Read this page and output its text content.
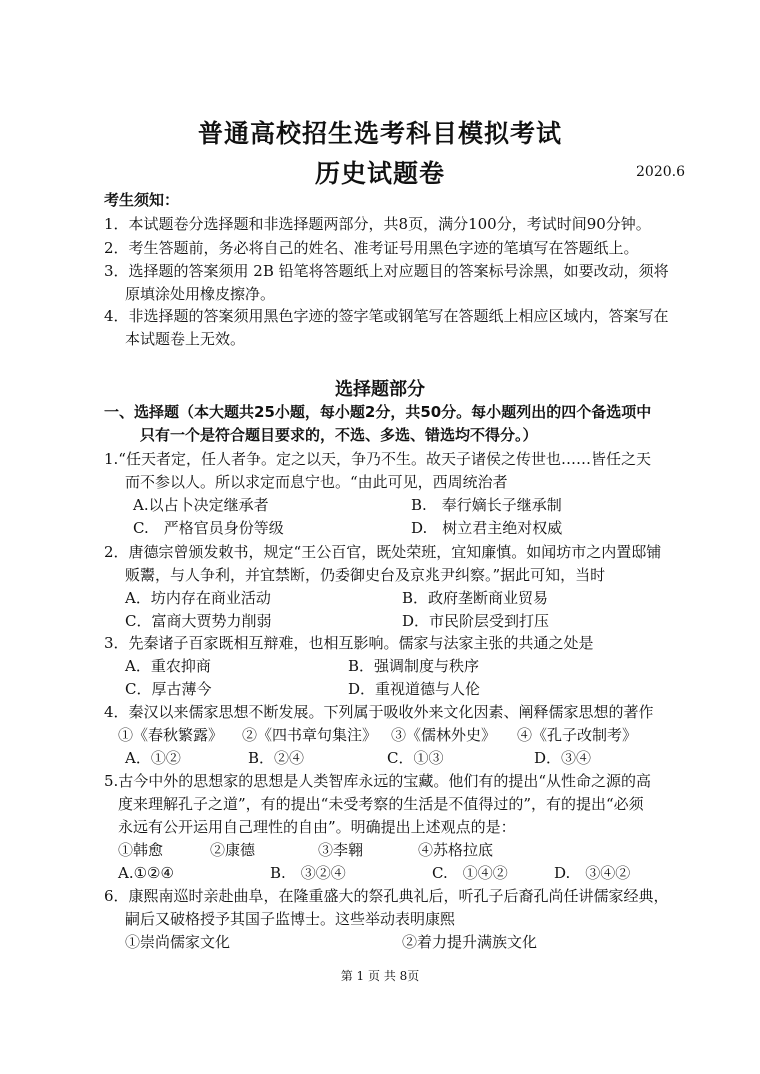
普通高校招生选考科目模拟考试
历史试题卷	2020.6
考生须知：
1．本试题卷分选择题和非选择题两部分，共8页，满分100分，考试时间90分钟。
2．考生答题前，务必将自己的姓名、准考证号用黑色字迹的笔填写在答题纸上。
3．选择题的答案须用 2B 铅笔将答题纸上对应题目的答案标号涂黑，如要改动，须将
原填涂处用橡皮擦净。
4．非选择题的答案须用黑色字迹的签字笔或钢笔写在答题纸上相应区域内，答案写在
本试题卷上无效。
选择题部分
一、选择题（本大题共25小题，每小题2分，共50分。每小题列出的四个备选项中
只有一个是符合题目要求的，不选、多选、错选均不得分。）
1.“任天者定，任人者争。定之以天，争乃不生。故天子诸侯之传世也……皆任之天
而不参以人。所以求定而息宁也。“由此可见，西周统治者
A.以占卜决定继承者	B.　奉行嫡长子继承制
C.　严格官员身份等级	D.　树立君主绝对权威
2．唐德宗曾颁发敕书，规定“王公百官，既处荣班，宜知廉慎。如闻坊市之内置邸铺
贩鬻，与人争利，并宜禁断，仍委御史台及京兆尹纠察。”据此可知，当时
A．坊内存在商业活动	B．政府垄断商业贸易
C．富商大贾势力削弱	D．市民阶层受到打压
3．先秦诸子百家既相互辩难，也相互影响。儒家与法家主张的共通之处是
A．重农抑商	B．强调制度与秩序
C．厚古薄今	D．重视道德与人伦
4．秦汉以来儒家思想不断发展。下列属于吸收外来文化因素、阐释儒家思想的著作
①《春秋繁露》 ②《四书章句集注》 ③《儒林外史》 ④《孔子改制考》
A．①②	B．②④	C．①③	D．③④
5.古今中外的思想家的思想是人类智库永远的宝藏。他们有的提出“从性命之源的高
度来理解孔子之道”，有的提出“未受考察的生活是不值得过的”，有的提出“必须
永远有公开运用自己理性的自由”。明确提出上述观点的是：
①韩愈	②康德	③李翱	④苏格拉底
A.①②④	B.　③②④	C.　①④②	D.　③④②
6．康熙南巡时亲赴曲阜，在隆重盛大的祭孔典礼后，听孔子后裔孔尚任讲儒家经典，
嗣后又破格授予其国子监博士。这些举动表明康熙
①崇尚儒家文化	②着力提升满族文化
第 1 页 共 8页
